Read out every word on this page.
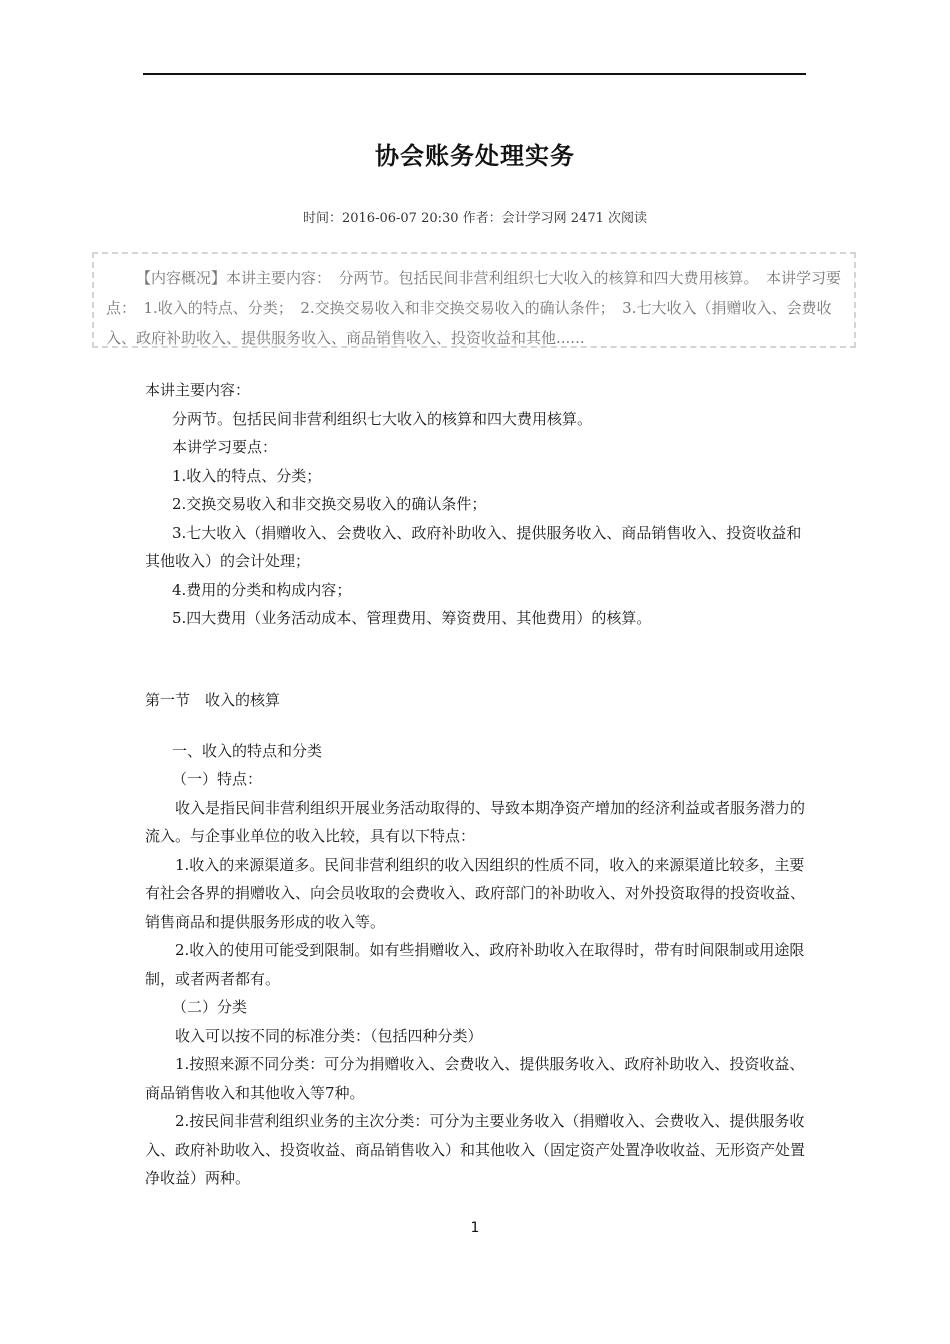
协会账务处理实务
时间：2016-06-07 20:30 作者：会计学习网 2471 次阅读
【内容概况】本讲主要内容：　分两节。包括民间非营利组织七大收入的核算和四大费用核算。　本讲学习要点：　1.收入的特点、分类；　2.交换交易收入和非交换交易收入的确认条件；　3.七大收入（捐赠收入、会费收入、政府补助收入、提供服务收入、商品销售收入、投资收益和其他......

本讲主要内容：

分两节。包括民间非营利组织七大收入的核算和四大费用核算。

本讲学习要点：

1.收入的特点、分类；

2.交换交易收入和非交换交易收入的确认条件；

3.七大收入（捐赠收入、会费收入、政府补助收入、提供服务收入、商品销售收入、投资收益和其他收入）的会计处理；

4.费用的分类和构成内容；

5.四大费用（业务活动成本、管理费用、筹资费用、其他费用）的核算。

第一节　收入的核算

一、收入的特点和分类

（一）特点：

收入是指民间非营利组织开展业务活动取得的、导致本期净资产增加的经济利益或者服务潜力的流入。与企事业单位的收入比较，具有以下特点：

1.收入的来源渠道多。民间非营利组织的收入因组织的性质不同，收入的来源渠道比较多，主要有社会各界的捐赠收入、向会员收取的会费收入、政府部门的补助收入、对外投资取得的投资收益、销售商品和提供服务形成的收入等。

2.收入的使用可能受到限制。如有些捐赠收入、政府补助收入在取得时，带有时间限制或用途限制，或者两者都有。

（二）分类

收入可以按不同的标准分类：（包括四种分类）

1.按照来源不同分类：可分为捐赠收入、会费收入、提供服务收入、政府补助收入、投资收益、商品销售收入和其他收入等7种。

2.按民间非营利组织业务的主次分类：可分为主要业务收入（捐赠收入、会费收入、提供服务收入、政府补助收入、投资收益、商品销售收入）和其他收入（固定资产处置净收收益、无形资产处置净收益）两种。

1
